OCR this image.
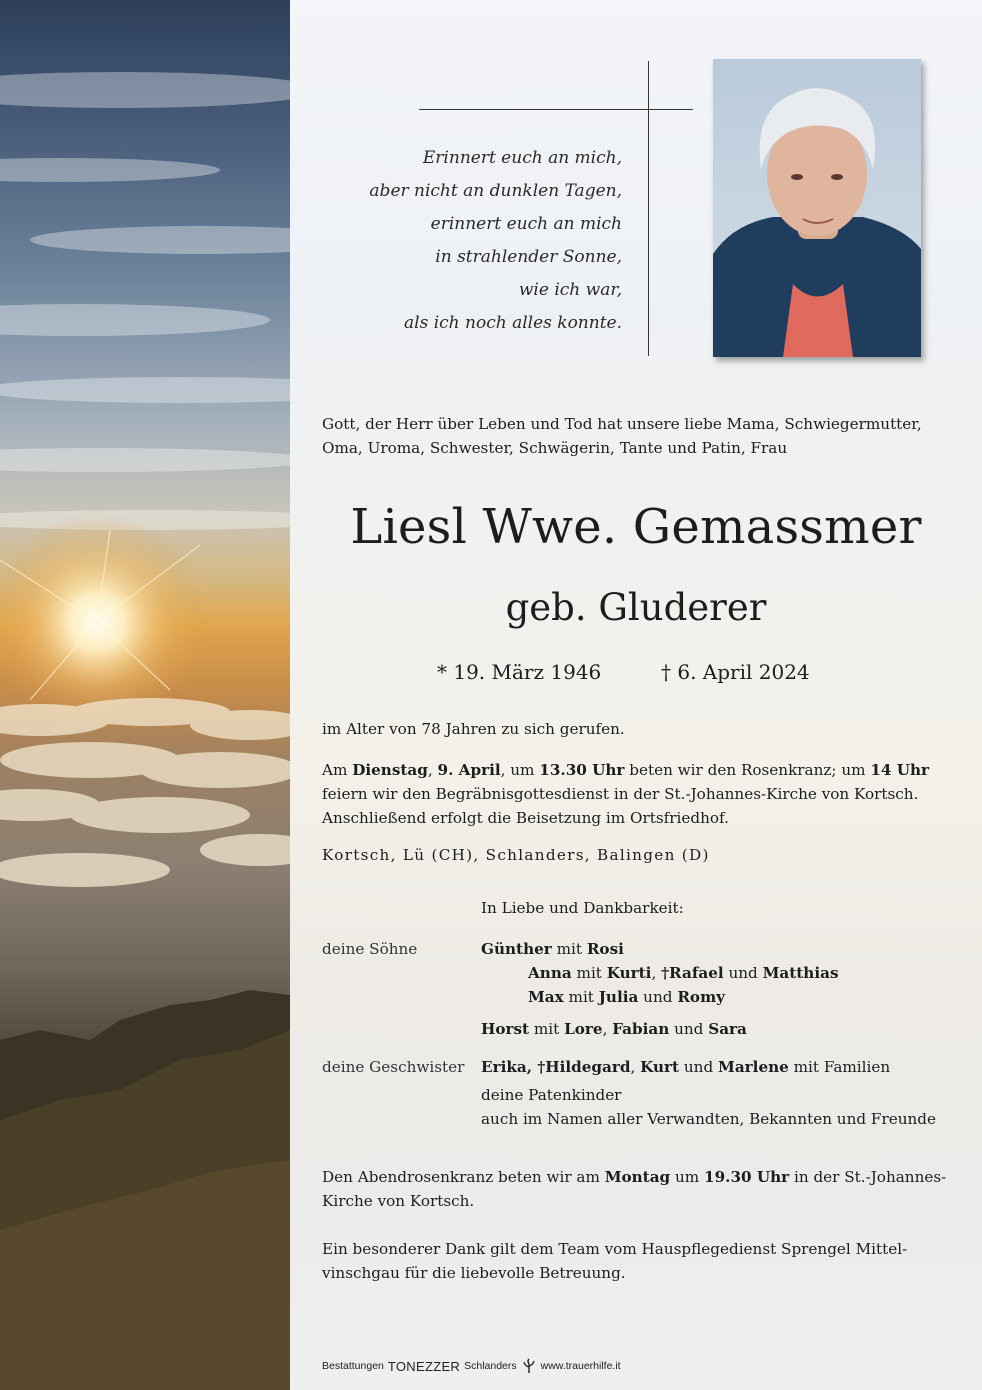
Erinnert euch an mich,
aber nicht an dunklen Tagen,
erinnert euch an mich
in strahlender Sonne,
wie ich war,
als ich noch alles konnte.
Gott, der Herr über Leben und Tod hat unsere liebe Mama, Schwiegermutter,
Oma, Uroma, Schwester, Schwägerin, Tante und Patin, Frau
Liesl Wwe. Gemassmer
geb. Gluderer
* 19. März 1946	† 6. April 2024
im Alter von 78 Jahren zu sich gerufen.
Am Dienstag, 9. April, um 13.30 Uhr beten wir den Rosenkranz; um 14 Uhr
feiern wir den Begräbnisgottesdienst in der St.-Johannes-Kirche von Kortsch.
Anschließend erfolgt die Beisetzung im Ortsfriedhof.
Kortsch, Lü (CH), Schlanders, Balingen (D)
In Liebe und Dankbarkeit:
deine Söhne	Günther mit Rosi
Anna mit Kurti, †Rafael und Matthias
Max mit Julia und Romy
Horst mit Lore, Fabian und Sara
deine Geschwister Erika, †Hildegard, Kurt und Marlene mit Familien
deine Patenkinder
auch im Namen aller Verwandten, Bekannten und Freunde
Den Abendrosenkranz beten wir am Montag um 19.30 Uhr in der St.-Johannes-
Kirche von Kortsch.
Ein besonderer Dank gilt dem Team vom Hauspflegedienst Sprengel Mittel-
vinschgau für die liebevolle Betreuung.
Bestattungen TONEZZER Schlanders www.trauerhilfe.it
